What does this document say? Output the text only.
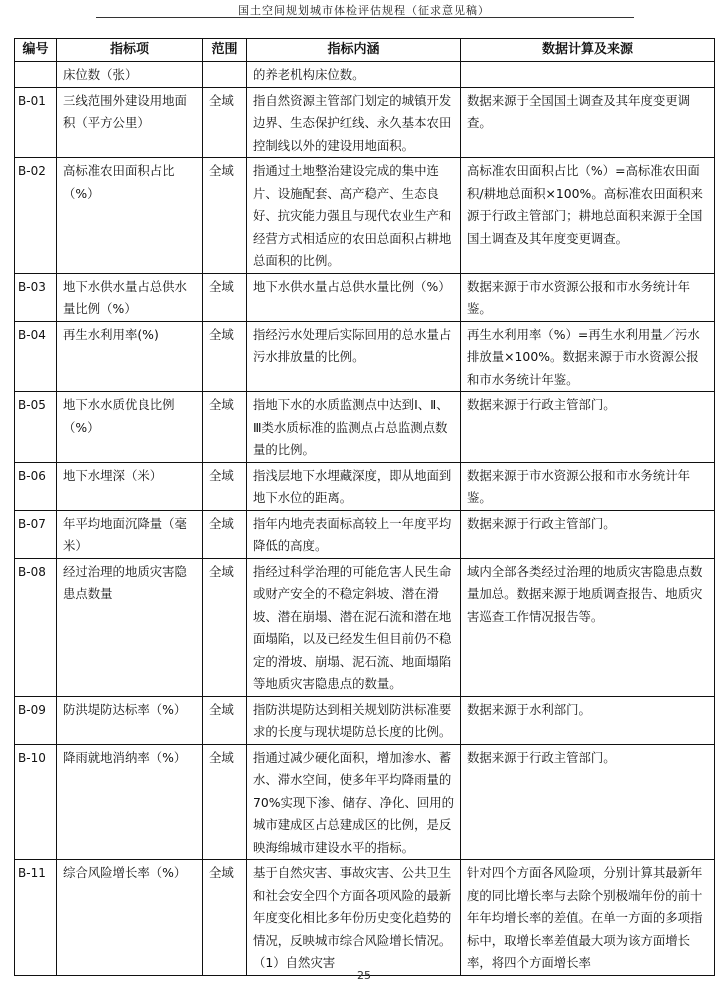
国土空间规划城市体检评估规程（征求意见稿）
编号	指标项	范围	指标内涵	数据计算及来源
	床位数（张）		的养老机构床位数。	
B-01	三线范围外建设用地面积（平方公里）	全域	指自然资源主管部门划定的城镇开发边界、生态保护红线、永久基本农田控制线以外的建设用地面积。	数据来源于全国国土调查及其年度变更调查。
B-02	高标准农田面积占比（%）	全域	指通过土地整治建设完成的集中连片、设施配套、高产稳产、生态良好、抗灾能力强且与现代农业生产和经营方式相适应的农田总面积占耕地总面积的比例。	高标准农田面积占比（%）=高标准农田面积/耕地总面积×100%。高标准农田面积来源于行政主管部门；耕地总面积来源于全国国土调查及其年度变更调查。
B-03	地下水供水量占总供水量比例（%）	全域	地下水供水量占总供水量比例（%）	数据来源于市水资源公报和市水务统计年鉴。
B-04	再生水利用率(%)	全域	指经污水处理后实际回用的总水量占污水排放量的比例。	再生水利用率（%）=再生水利用量／污水排放量×100%。数据来源于市水资源公报和市水务统计年鉴。
B-05	地下水水质优良比例（%）	全域	指地下水的水质监测点中达到Ⅰ、Ⅱ、Ⅲ类水质标准的监测点占总监测点数量的比例。	数据来源于行政主管部门。
B-06	地下水埋深（米）	全域	指浅层地下水埋藏深度，即从地面到地下水位的距离。	数据来源于市水资源公报和市水务统计年鉴。
B-07	年平均地面沉降量（毫米）	全域	指年内地壳表面标高较上一年度平均降低的高度。	数据来源于行政主管部门。
B-08	经过治理的地质灾害隐患点数量	全域	指经过科学治理的可能危害人民生命或财产安全的不稳定斜坡、潜在滑坡、潜在崩塌、潜在泥石流和潜在地面塌陷，以及已经发生但目前仍不稳定的滑坡、崩塌、泥石流、地面塌陷等地质灾害隐患点的数量。	域内全部各类经过治理的地质灾害隐患点数量加总。数据来源于地质调查报告、地质灾害巡查工作情况报告等。
B-09	防洪堤防达标率（%）	全域	指防洪堤防达到相关规划防洪标准要求的长度与现状堤防总长度的比例。	数据来源于水利部门。
B-10	降雨就地消纳率（%）	全域	指通过减少硬化面积，增加渗水、蓄水、滞水空间，使多年平均降雨量的70%实现下渗、储存、净化、回用的城市建成区占总建成区的比例，是反映海绵城市建设水平的指标。	数据来源于行政主管部门。
B-11	综合风险增长率（%）	全域	基于自然灾害、事故灾害、公共卫生和社会安全四个方面各项风险的最新年度变化相比多年份历史变化趋势的情况，反映城市综合风险增长情况。（1）自然灾害	针对四个方面各风险项，分别计算其最新年度的同比增长率与去除个别极端年份的前十年年均增长率的差值。在单一方面的多项指标中，取增长率差值最大项为该方面增长率，将四个方面增长率
25
